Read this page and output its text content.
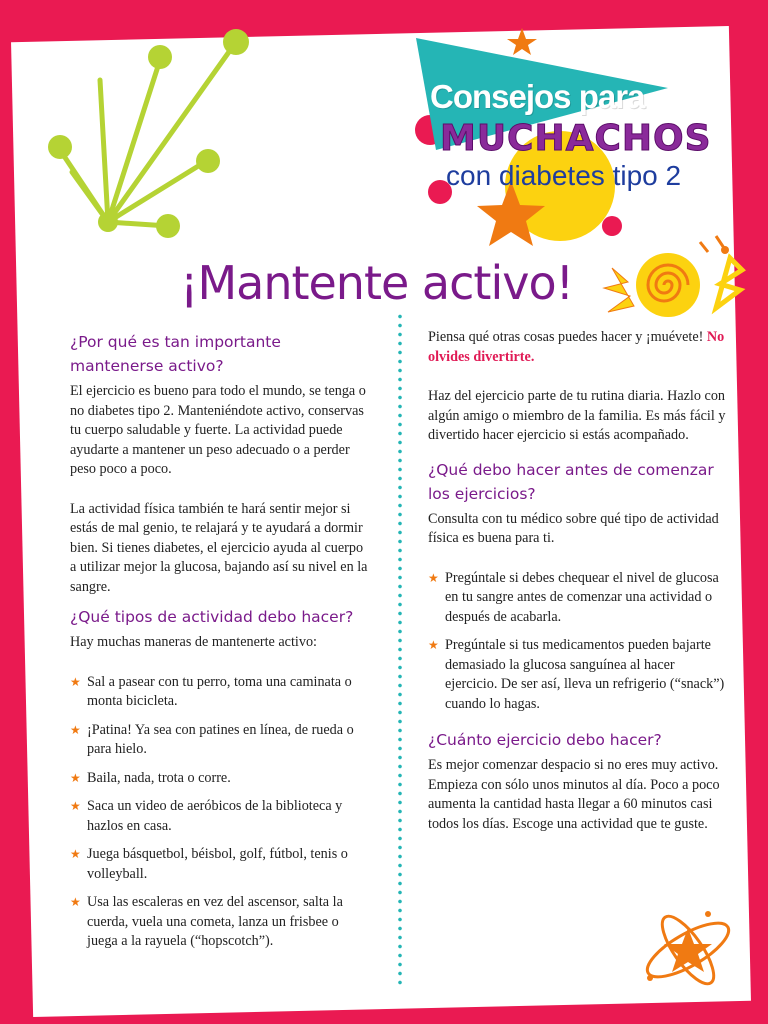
Consejos para
MUCHACHOS
con diabetes tipo 2
¡Mantente activo!
¿Por qué es tan importante mantenerse activo?
El ejercicio es bueno para todo el mundo, se tenga o no diabetes tipo 2. Manteniéndote activo, conservas tu cuerpo saludable y fuerte. La actividad puede ayudarte a mantener un peso adecuado o a perder peso poco a poco.
La actividad física también te hará sentir mejor si estás de mal genio, te relajará y te ayudará a dormir bien. Si tienes diabetes, el ejercicio ayuda al cuerpo a utilizar mejor la glucosa, bajando así su nivel en la sangre.
¿Qué tipos de actividad debo hacer?
Hay muchas maneras de mantenerte activo:
★ Sal a pasear con tu perro, toma una caminata o monta bicicleta.
★ ¡Patina! Ya sea con patines en línea, de rueda o para hielo.
★ Baila, nada, trota o corre.
★ Saca un video de aeróbicos de la biblioteca y hazlos en casa.
★ Juega básquetbol, béisbol, golf, fútbol, tenis o volleyball.
★ Usa las escaleras en vez del ascensor, salta la cuerda, vuela una cometa, lanza un frisbee o juega a la rayuela (“hopscotch”).
Piensa qué otras cosas puedes hacer y ¡muévete! No olvides divertirte.
Haz del ejercicio parte de tu rutina diaria. Hazlo con algún amigo o miembro de la familia. Es más fácil y divertido hacer ejercicio si estás acompañado.
¿Qué debo hacer antes de comenzar los ejercicios?
Consulta con tu médico sobre qué tipo de actividad física es buena para ti.
★ Pregúntale si debes chequear el nivel de glucosa en tu sangre antes de comenzar una actividad o después de acabarla.
★ Pregúntale si tus medicamentos pueden bajarte demasiado la glucosa sanguínea al hacer ejercicio. De ser así, lleva un refrigerio (“snack”) cuando lo hagas.
¿Cuánto ejercicio debo hacer?
Es mejor comenzar despacio si no eres muy activo. Empieza con sólo unos minutos al día. Poco a poco aumenta la cantidad hasta llegar a 60 minutos casi todos los días. Escoge una actividad que te guste.
